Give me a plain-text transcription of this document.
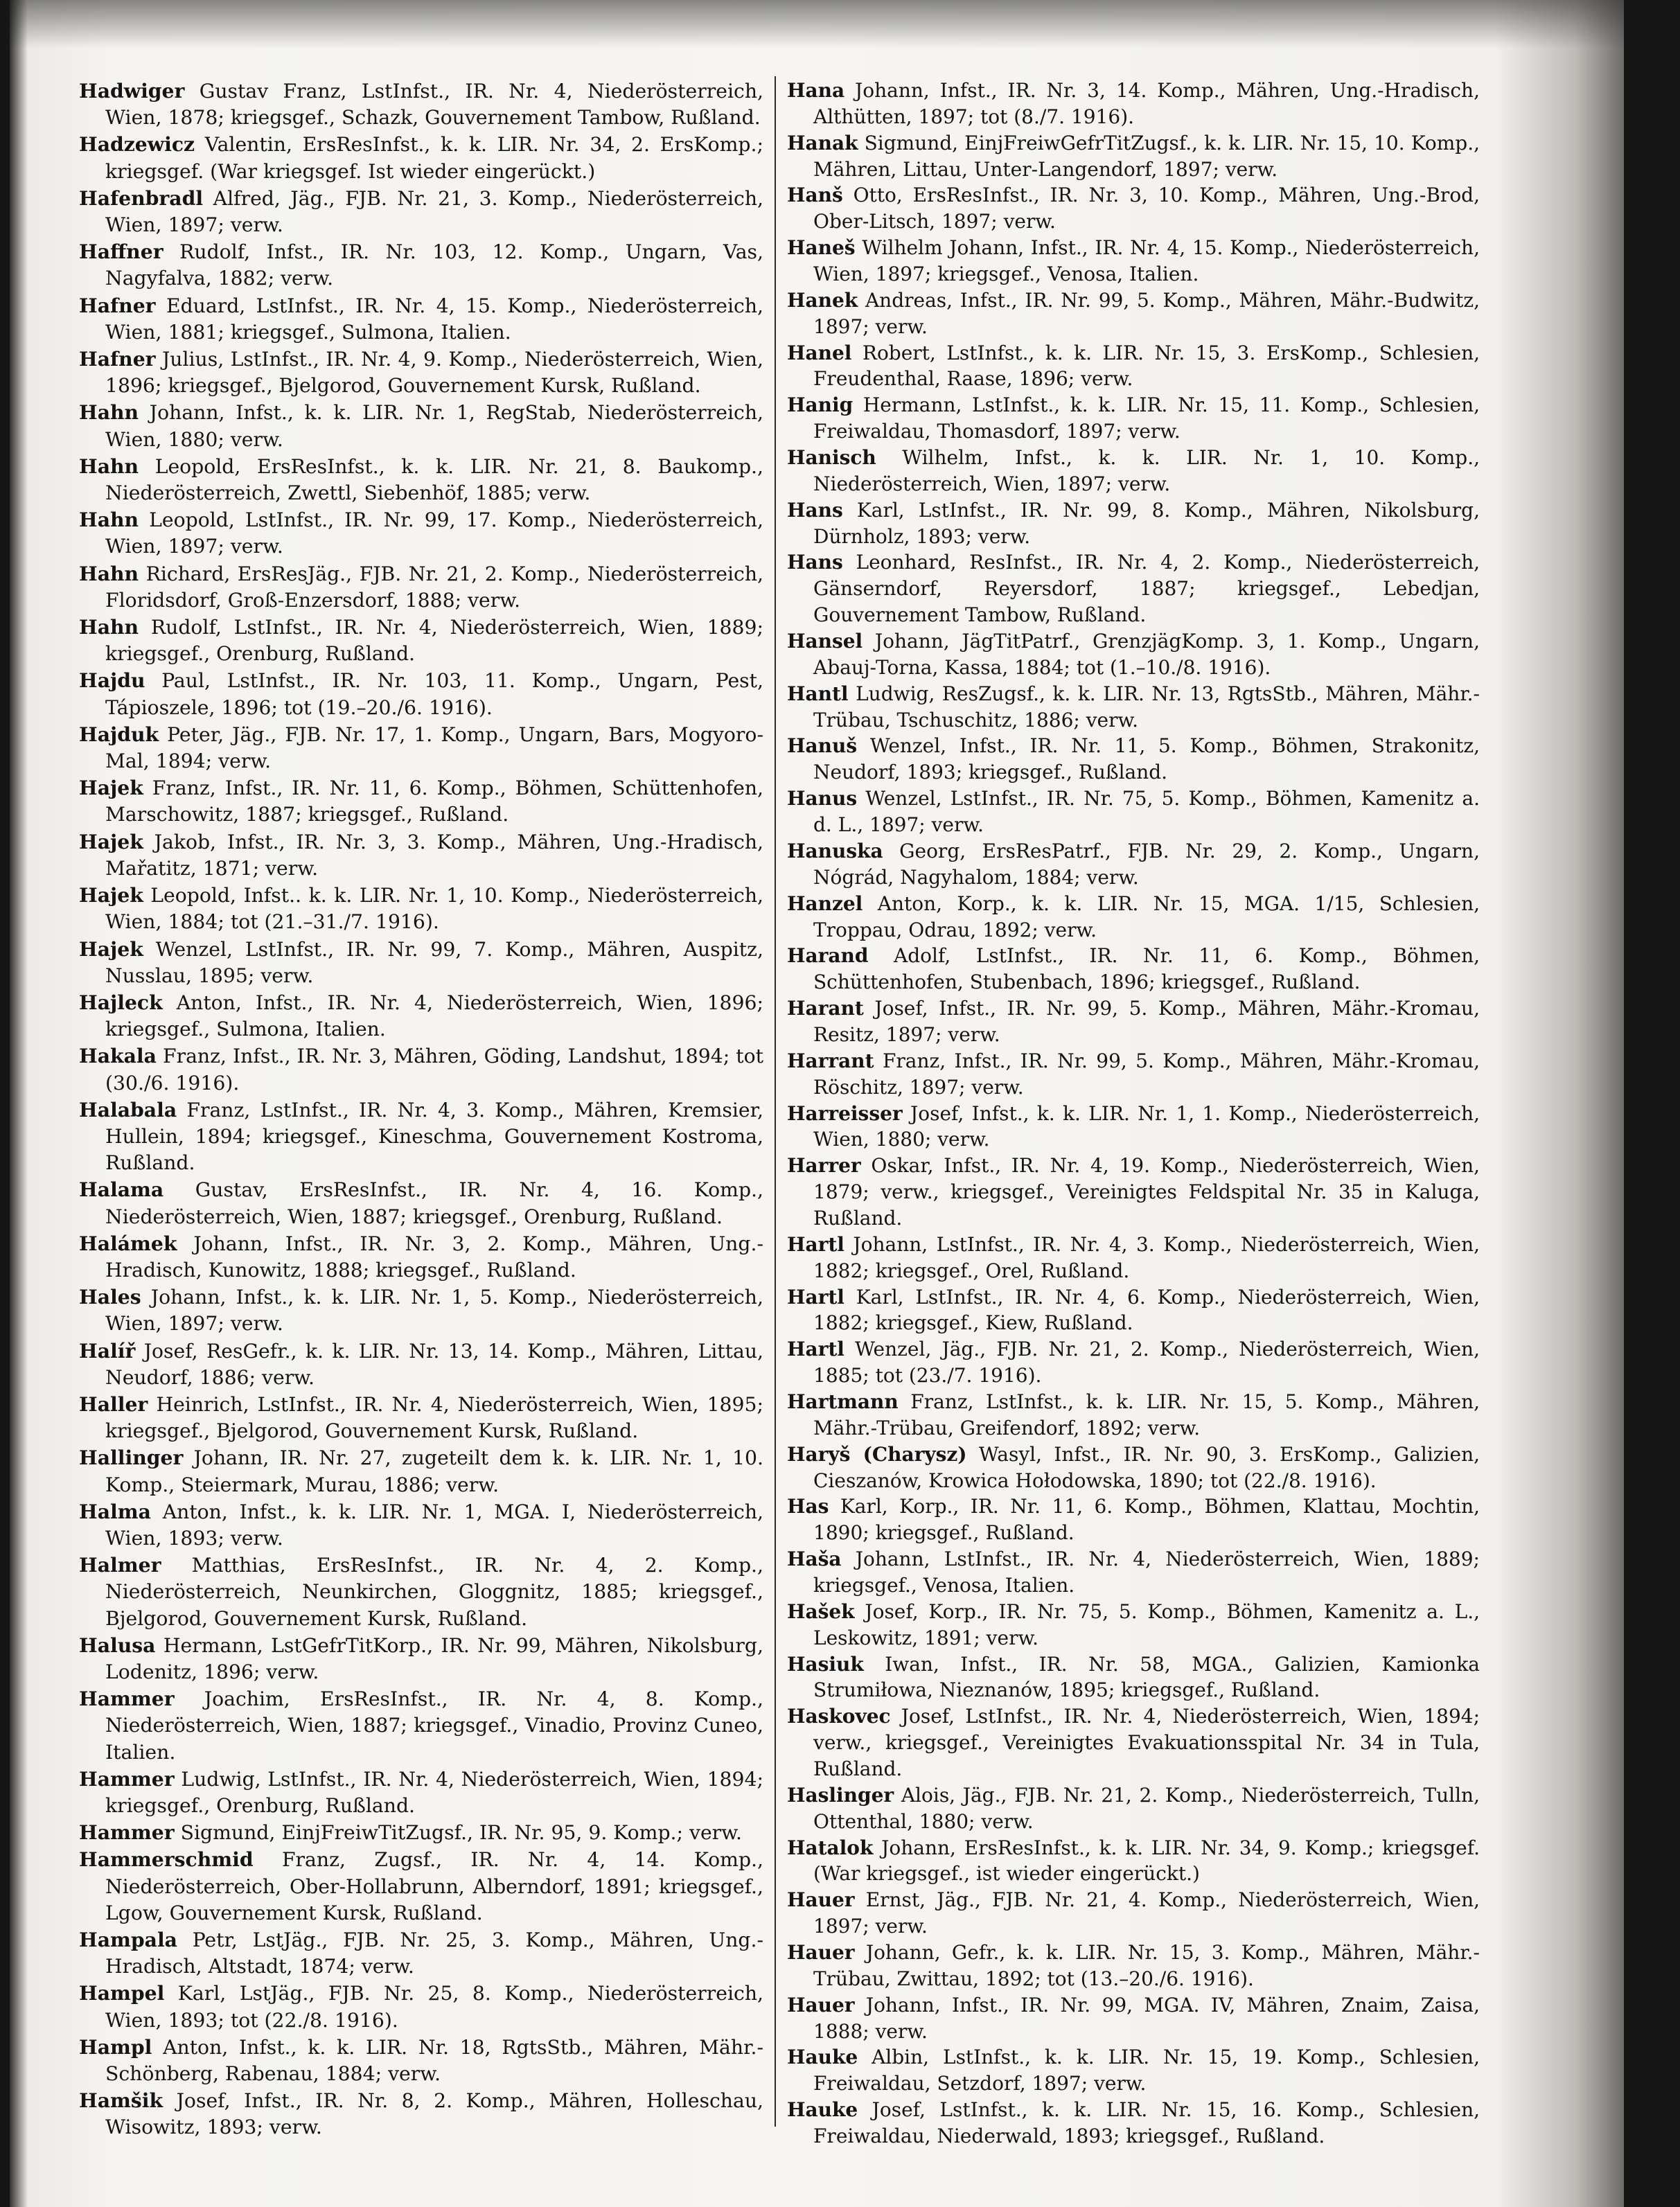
Hadwiger Gustav Franz, LstInfst., IR. Nr. 4, Niederösterreich, Wien, 1878; kriegsgef., Schazk, Gouvernement Tambow, Rußland.

Hadzewicz Valentin, ErsResInfst., k. k. LIR. Nr. 34, 2. ErsKomp.; kriegsgef. (War kriegsgef. Ist wieder eingerückt.)

Hafenbradl Alfred, Jäg., FJB. Nr. 21, 3. Komp., Niederösterreich, Wien, 1897; verw.

Haffner Rudolf, Infst., IR. Nr. 103, 12. Komp., Ungarn, Vas, Nagyfalva, 1882; verw.

Hafner Eduard, LstInfst., IR. Nr. 4, 15. Komp., Niederösterreich, Wien, 1881; kriegsgef., Sulmona, Italien.

Hafner Julius, LstInfst., IR. Nr. 4, 9. Komp., Niederösterreich, Wien, 1896; kriegsgef., Bjelgorod, Gouvernement Kursk, Rußland.

Hahn Johann, Infst., k. k. LIR. Nr. 1, RegStab, Niederösterreich, Wien, 1880; verw.

Hahn Leopold, ErsResInfst., k. k. LIR. Nr. 21, 8. Baukomp., Niederösterreich, Zwettl, Siebenhöf, 1885; verw.

Hahn Leopold, LstInfst., IR. Nr. 99, 17. Komp., Niederösterreich, Wien, 1897; verw.

Hahn Richard, ErsResJäg., FJB. Nr. 21, 2. Komp., Niederösterreich, Floridsdorf, Groß-Enzersdorf, 1888; verw.

Hahn Rudolf, LstInfst., IR. Nr. 4, Niederösterreich, Wien, 1889; kriegsgef., Orenburg, Rußland.

Hajdu Paul, LstInfst., IR. Nr. 103, 11. Komp., Ungarn, Pest, Tápioszele, 1896; tot (19.–20./6. 1916).

Hajduk Peter, Jäg., FJB. Nr. 17, 1. Komp., Ungarn, Bars, Mogyoro-Mal, 1894; verw.

Hajek Franz, Infst., IR. Nr. 11, 6. Komp., Böhmen, Schüttenhofen, Marschowitz, 1887; kriegsgef., Rußland.

Hajek Jakob, Infst., IR. Nr. 3, 3. Komp., Mähren, Ung.-Hradisch, Mařatitz, 1871; verw.

Hajek Leopold, Infst.. k. k. LIR. Nr. 1, 10. Komp., Niederösterreich, Wien, 1884; tot (21.–31./7. 1916).

Hajek Wenzel, LstInfst., IR. Nr. 99, 7. Komp., Mähren, Auspitz, Nusslau, 1895; verw.

Hajleck Anton, Infst., IR. Nr. 4, Niederösterreich, Wien, 1896; kriegsgef., Sulmona, Italien.

Hakala Franz, Infst., IR. Nr. 3, Mähren, Göding, Landshut, 1894; tot (30./6. 1916).

Halabala Franz, LstInfst., IR. Nr. 4, 3. Komp., Mähren, Kremsier, Hullein, 1894; kriegsgef., Kineschma, Gouvernement Kostroma, Rußland.

Halama Gustav, ErsResInfst., IR. Nr. 4, 16. Komp., Niederösterreich, Wien, 1887; kriegsgef., Orenburg, Rußland.

Halámek Johann, Infst., IR. Nr. 3, 2. Komp., Mähren, Ung.-Hradisch, Kunowitz, 1888; kriegsgef., Rußland.

Hales Johann, Infst., k. k. LIR. Nr. 1, 5. Komp., Niederösterreich, Wien, 1897; verw.

Halíř Josef, ResGefr., k. k. LIR. Nr. 13, 14. Komp., Mähren, Littau, Neudorf, 1886; verw.

Haller Heinrich, LstInfst., IR. Nr. 4, Niederösterreich, Wien, 1895; kriegsgef., Bjelgorod, Gouvernement Kursk, Rußland.

Hallinger Johann, IR. Nr. 27, zugeteilt dem k. k. LIR. Nr. 1, 10. Komp., Steiermark, Murau, 1886; verw.

Halma Anton, Infst., k. k. LIR. Nr. 1, MGA. I, Niederösterreich, Wien, 1893; verw.

Halmer Matthias, ErsResInfst., IR. Nr. 4, 2. Komp., Niederösterreich, Neunkirchen, Gloggnitz, 1885; kriegsgef., Bjelgorod, Gouvernement Kursk, Rußland.

Halusa Hermann, LstGefrTitKorp., IR. Nr. 99, Mähren, Nikolsburg, Lodenitz, 1896; verw.

Hammer Joachim, ErsResInfst., IR. Nr. 4, 8. Komp., Niederösterreich, Wien, 1887; kriegsgef., Vinadio, Provinz Cuneo, Italien.

Hammer Ludwig, LstInfst., IR. Nr. 4, Niederösterreich, Wien, 1894; kriegsgef., Orenburg, Rußland.

Hammer Sigmund, EinjFreiwTitZugsf., IR. Nr. 95, 9. Komp.; verw.

Hammerschmid Franz, Zugsf., IR. Nr. 4, 14. Komp., Niederösterreich, Ober-Hollabrunn, Alberndorf, 1891; kriegsgef., Lgow, Gouvernement Kursk, Rußland.

Hampala Petr, LstJäg., FJB. Nr. 25, 3. Komp., Mähren, Ung.-Hradisch, Altstadt, 1874; verw.

Hampel Karl, LstJäg., FJB. Nr. 25, 8. Komp., Niederösterreich, Wien, 1893; tot (22./8. 1916).

Hampl Anton, Infst., k. k. LIR. Nr. 18, RgtsStb., Mähren, Mähr.-Schönberg, Rabenau, 1884; verw.

Hamšik Josef, Infst., IR. Nr. 8, 2. Komp., Mähren, Holleschau, Wisowitz, 1893; verw.

Hana Johann, Infst., IR. Nr. 3, 14. Komp., Mähren, Ung.-Hradisch, Althütten, 1897; tot (8./7. 1916).

Hanak Sigmund, EinjFreiwGefrTitZugsf., k. k. LIR. Nr. 15, 10. Komp., Mähren, Littau, Unter-Langendorf, 1897; verw.

Hanš Otto, ErsResInfst., IR. Nr. 3, 10. Komp., Mähren, Ung.-Brod, Ober-Litsch, 1897; verw.

Haneš Wilhelm Johann, Infst., IR. Nr. 4, 15. Komp., Niederösterreich, Wien, 1897; kriegsgef., Venosa, Italien.

Hanek Andreas, Infst., IR. Nr. 99, 5. Komp., Mähren, Mähr.-Budwitz, 1897; verw.

Hanel Robert, LstInfst., k. k. LIR. Nr. 15, 3. ErsKomp., Schlesien, Freudenthal, Raase, 1896; verw.

Hanig Hermann, LstInfst., k. k. LIR. Nr. 15, 11. Komp., Schlesien, Freiwaldau, Thomasdorf, 1897; verw.

Hanisch Wilhelm, Infst., k. k. LIR. Nr. 1, 10. Komp., Niederösterreich, Wien, 1897; verw.

Hans Karl, LstInfst., IR. Nr. 99, 8. Komp., Mähren, Nikolsburg, Dürnholz, 1893; verw.

Hans Leonhard, ResInfst., IR. Nr. 4, 2. Komp., Niederösterreich, Gänserndorf, Reyersdorf, 1887; kriegsgef., Lebedjan, Gouvernement Tambow, Rußland.

Hansel Johann, JägTitPatrf., GrenzjägKomp. 3, 1. Komp., Ungarn, Abauj-Torna, Kassa, 1884; tot (1.–10./8. 1916).

Hantl Ludwig, ResZugsf., k. k. LIR. Nr. 13, RgtsStb., Mähren, Mähr.-Trübau, Tschuschitz, 1886; verw.

Hanuš Wenzel, Infst., IR. Nr. 11, 5. Komp., Böhmen, Strakonitz, Neudorf, 1893; kriegsgef., Rußland.

Hanus Wenzel, LstInfst., IR. Nr. 75, 5. Komp., Böhmen, Kamenitz a. d. L., 1897; verw.

Hanuska Georg, ErsResPatrf., FJB. Nr. 29, 2. Komp., Ungarn, Nógrád, Nagyhalom, 1884; verw.

Hanzel Anton, Korp., k. k. LIR. Nr. 15, MGA. 1/15, Schlesien, Troppau, Odrau, 1892; verw.

Harand Adolf, LstInfst., IR. Nr. 11, 6. Komp., Böhmen, Schüttenhofen, Stubenbach, 1896; kriegsgef., Rußland.

Harant Josef, Infst., IR. Nr. 99, 5. Komp., Mähren, Mähr.-Kromau, Resitz, 1897; verw.

Harrant Franz, Infst., IR. Nr. 99, 5. Komp., Mähren, Mähr.-Kromau, Röschitz, 1897; verw.

Harreisser Josef, Infst., k. k. LIR. Nr. 1, 1. Komp., Niederösterreich, Wien, 1880; verw.

Harrer Oskar, Infst., IR. Nr. 4, 19. Komp., Niederösterreich, Wien, 1879; verw., kriegsgef., Vereinigtes Feldspital Nr. 35 in Kaluga, Rußland.

Hartl Johann, LstInfst., IR. Nr. 4, 3. Komp., Niederösterreich, Wien, 1882; kriegsgef., Orel, Rußland.

Hartl Karl, LstInfst., IR. Nr. 4, 6. Komp., Niederösterreich, Wien, 1882; kriegsgef., Kiew, Rußland.

Hartl Wenzel, Jäg., FJB. Nr. 21, 2. Komp., Niederösterreich, Wien, 1885; tot (23./7. 1916).

Hartmann Franz, LstInfst., k. k. LIR. Nr. 15, 5. Komp., Mähren, Mähr.-Trübau, Greifendorf, 1892; verw.

Haryš (Charysz) Wasyl, Infst., IR. Nr. 90, 3. ErsKomp., Galizien, Cieszanów, Krowica Hołodowska, 1890; tot (22./8. 1916).

Has Karl, Korp., IR. Nr. 11, 6. Komp., Böhmen, Klattau, Mochtin, 1890; kriegsgef., Rußland.

Haša Johann, LstInfst., IR. Nr. 4, Niederösterreich, Wien, 1889; kriegsgef., Venosa, Italien.

Hašek Josef, Korp., IR. Nr. 75, 5. Komp., Böhmen, Kamenitz a. L., Leskowitz, 1891; verw.

Hasiuk Iwan, Infst., IR. Nr. 58, MGA., Galizien, Kamionka Strumiłowa, Nieznanów, 1895; kriegsgef., Rußland.

Haskovec Josef, LstInfst., IR. Nr. 4, Niederösterreich, Wien, 1894; verw., kriegsgef., Vereinigtes Evakuationsspital Nr. 34 in Tula, Rußland.

Haslinger Alois, Jäg., FJB. Nr. 21, 2. Komp., Niederösterreich, Tulln, Ottenthal, 1880; verw.

Hatalok Johann, ErsResInfst., k. k. LIR. Nr. 34, 9. Komp.; kriegsgef. (War kriegsgef., ist wieder eingerückt.)

Hauer Ernst, Jäg., FJB. Nr. 21, 4. Komp., Niederösterreich, Wien, 1897; verw.

Hauer Johann, Gefr., k. k. LIR. Nr. 15, 3. Komp., Mähren, Mähr.-Trübau, Zwittau, 1892; tot (13.–20./6. 1916).

Hauer Johann, Infst., IR. Nr. 99, MGA. IV, Mähren, Znaim, Zaisa, 1888; verw.

Hauke Albin, LstInfst., k. k. LIR. Nr. 15, 19. Komp., Schlesien, Freiwaldau, Setzdorf, 1897; verw.

Hauke Josef, LstInfst., k. k. LIR. Nr. 15, 16. Komp., Schlesien, Freiwaldau, Niederwald, 1893; kriegsgef., Rußland.
